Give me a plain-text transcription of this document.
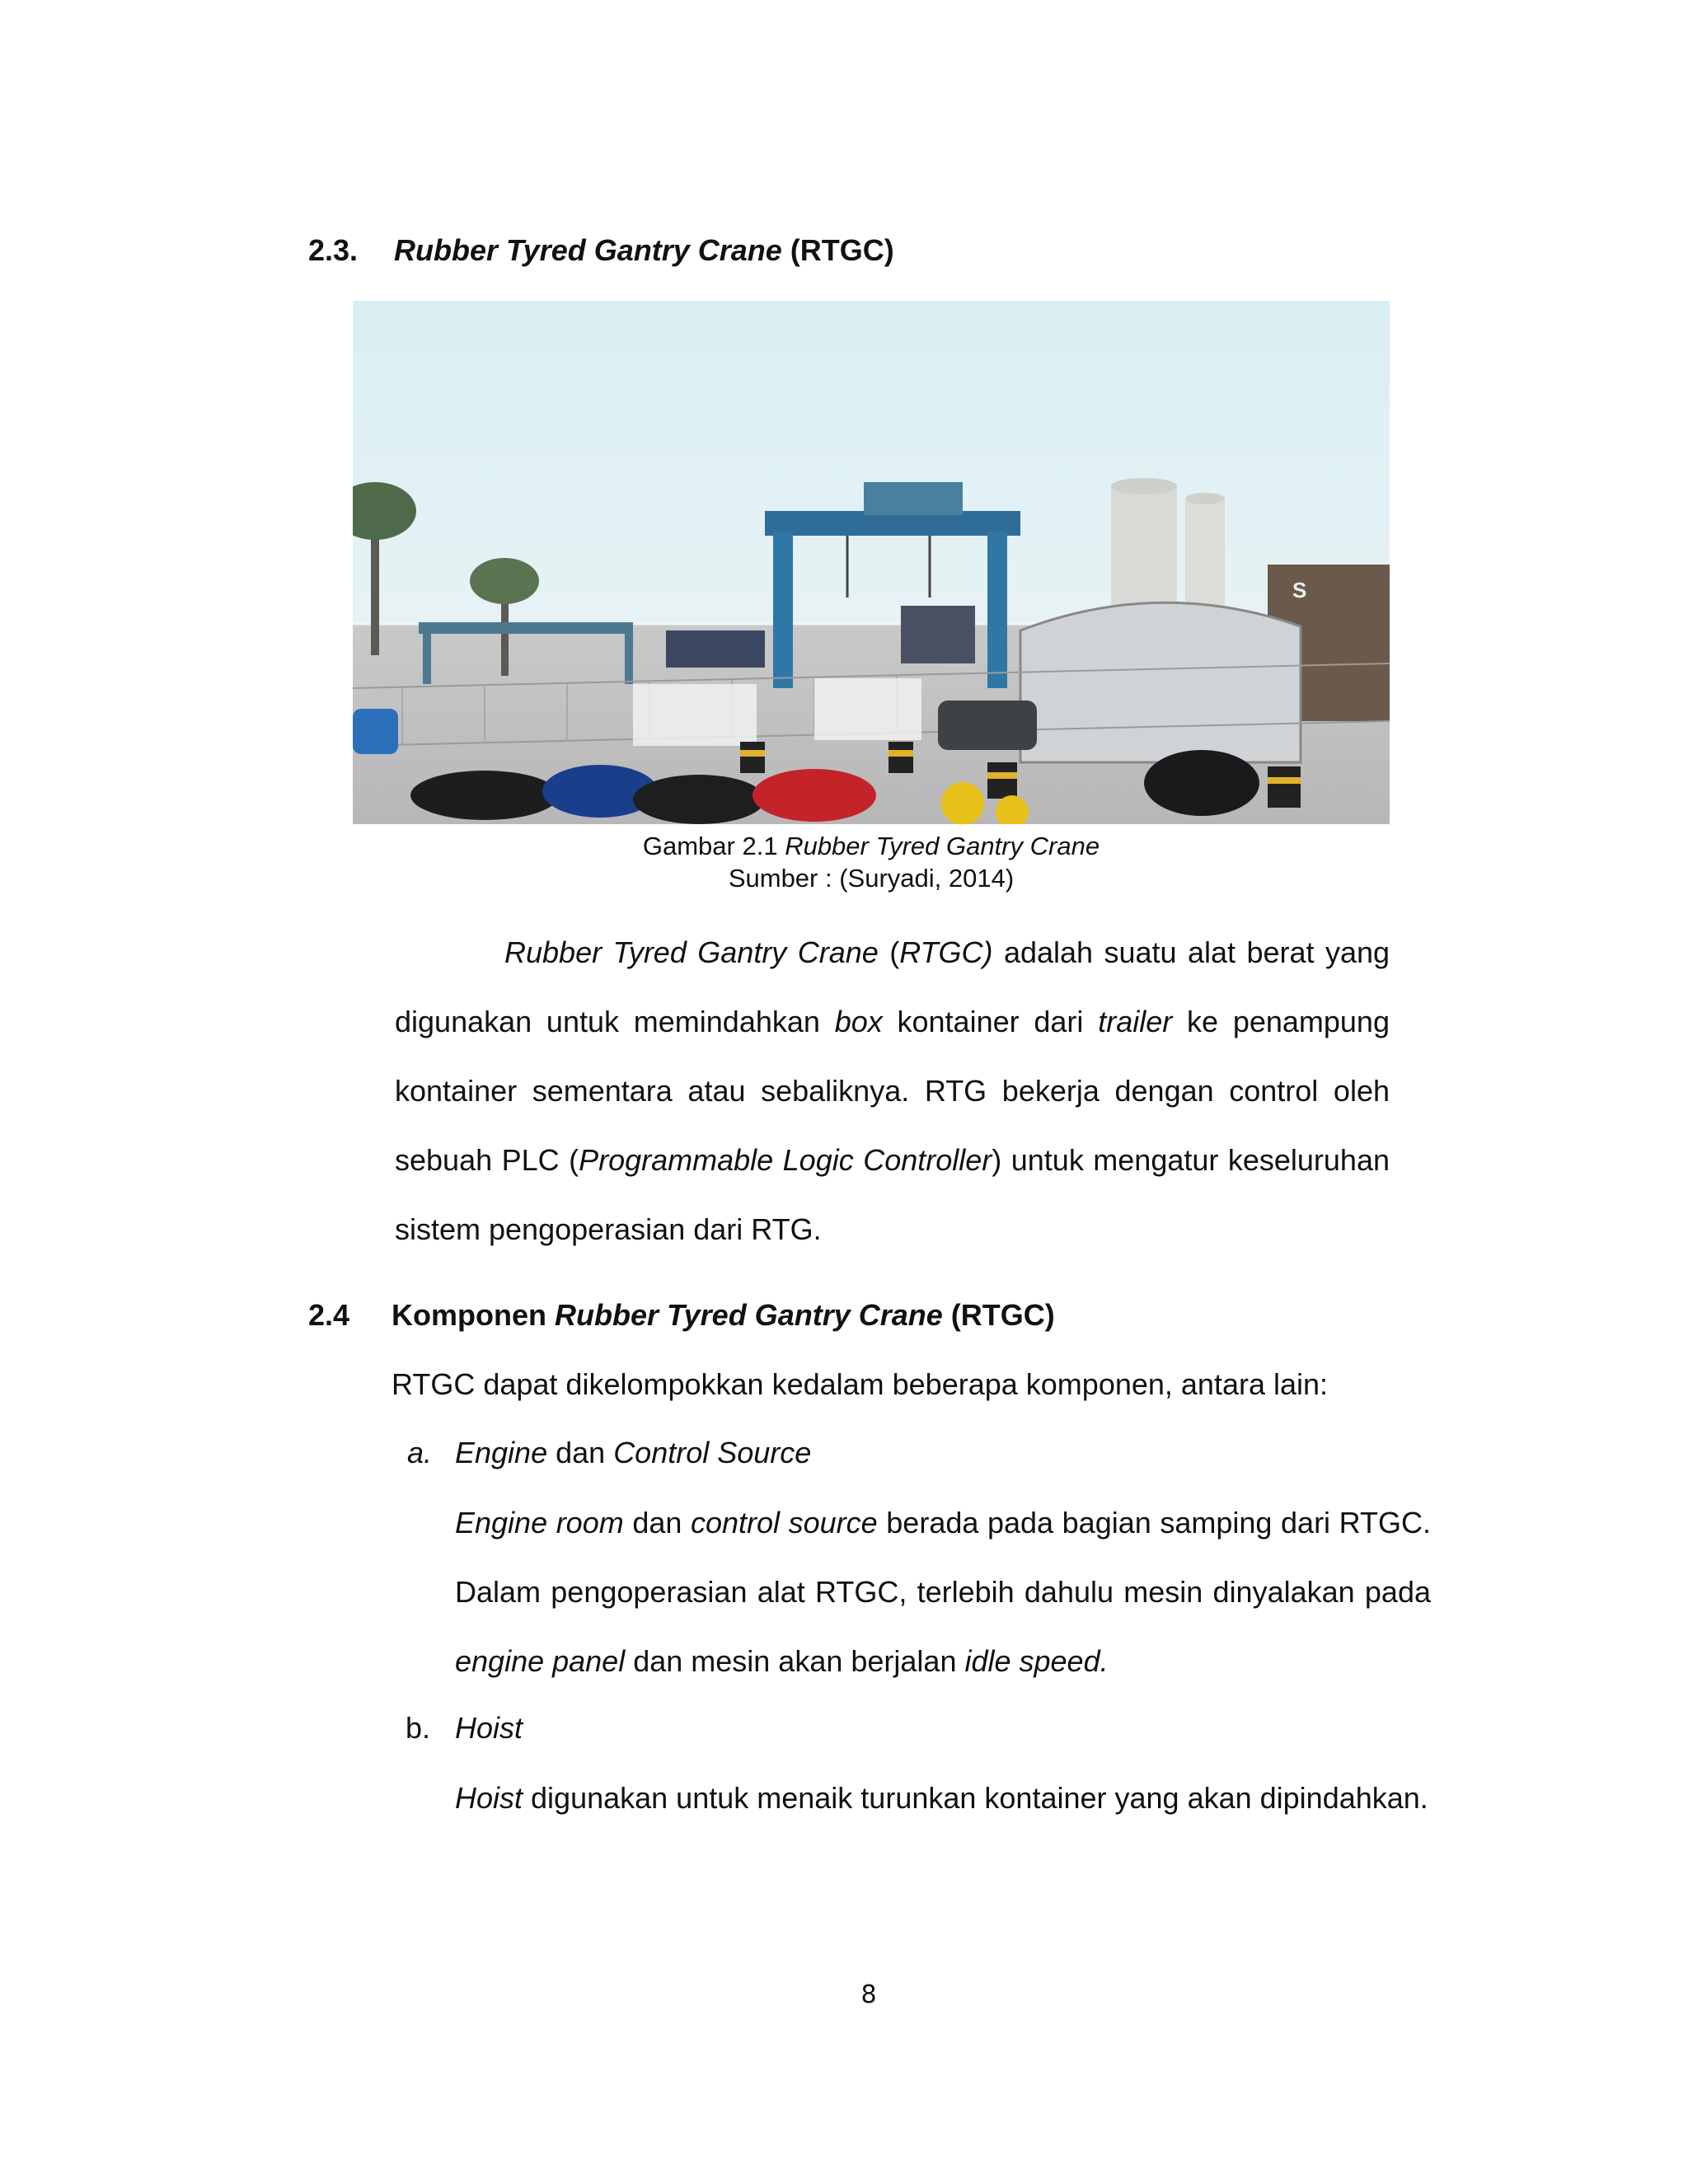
2.3. Rubber Tyred Gantry Crane (RTGC)
S
Gambar 2.1 Rubber Tyred Gantry Crane
Sumber : (Suryadi, 2014)
Rubber Tyred Gantry Crane (RTGC) adalah suatu alat berat yang digunakan untuk memindahkan box kontainer dari trailer ke penampung kontainer sementara atau sebaliknya. RTG bekerja dengan control oleh sebuah PLC (Programmable Logic Controller) untuk mengatur keseluruhan sistem pengoperasian dari RTG.
2.4 Komponen Rubber Tyred Gantry Crane (RTGC)
RTGC dapat dikelompokkan kedalam beberapa komponen, antara lain:
a. Engine dan Control Source
Engine room dan control source berada pada bagian samping dari RTGC. Dalam pengoperasian alat RTGC, terlebih dahulu mesin dinyalakan pada engine panel dan mesin akan berjalan idle speed.
b. Hoist
Hoist digunakan untuk menaik turunkan kontainer yang akan dipindahkan.
8
